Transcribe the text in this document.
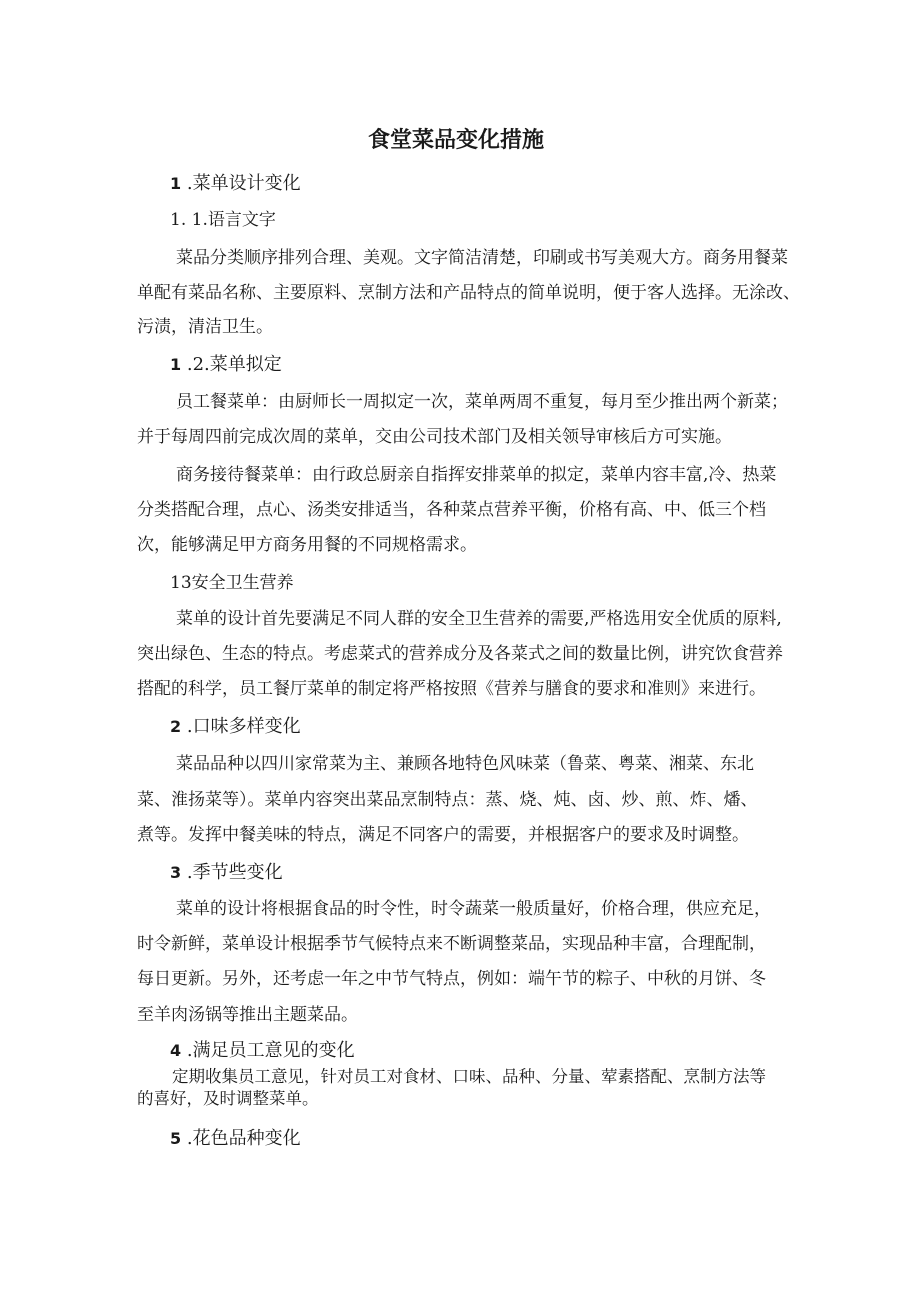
食堂菜品变化措施
1 .菜单设计变化
1. 1.语言文字
菜品分类顺序排列合理、美观。文字简洁清楚，印刷或书写美观大方。商务用餐菜
单配有菜品名称、主要原料、烹制方法和产品特点的简单说明，便于客人选择。无涂改、
污渍，清洁卫生。
1 .2.菜单拟定
员工餐菜单：由厨师长一周拟定一次，菜单两周不重复，每月至少推出两个新菜；
并于每周四前完成次周的菜单，交由公司技术部门及相关领导审核后方可实施。
商务接待餐菜单：由行政总厨亲自指挥安排菜单的拟定，菜单内容丰富,冷、热菜
分类搭配合理，点心、汤类安排适当，各种菜点营养平衡，价格有高、中、低三个档
次，能够满足甲方商务用餐的不同规格需求。
13安全卫生营养
菜单的设计首先要满足不同人群的安全卫生营养的需要,严格选用安全优质的原料,
突出绿色、生态的特点。考虑菜式的营养成分及各菜式之间的数量比例，讲究饮食营养
搭配的科学，员工餐厅菜单的制定将严格按照《营养与膳食的要求和准则》来进行。
2 .口味多样变化
菜品品种以四川家常菜为主、兼顾各地特色风味菜（鲁菜、粤菜、湘菜、东北
菜、淮扬菜等）。菜单内容突出菜品烹制特点：蒸、烧、炖、卤、炒、煎、炸、燔、
煮等。发挥中餐美味的特点，满足不同客户的需要，并根据客户的要求及时调整。
3 .季节些变化
菜单的设计将根据食品的时令性，时令蔬菜一般质量好，价格合理，供应充足，
时令新鲜，菜单设计根据季节气候特点来不断调整菜品，实现品种丰富，合理配制，
每日更新。另外，还考虑一年之中节气特点，例如：端午节的粽子、中秋的月饼、冬
至羊肉汤锅等推出主题菜品。
4 .满足员工意见的变化
定期收集员工意见，针对员工对食材、口味、品种、分量、荤素搭配、烹制方法等
的喜好，及时调整菜单。
5 .花色品种变化
